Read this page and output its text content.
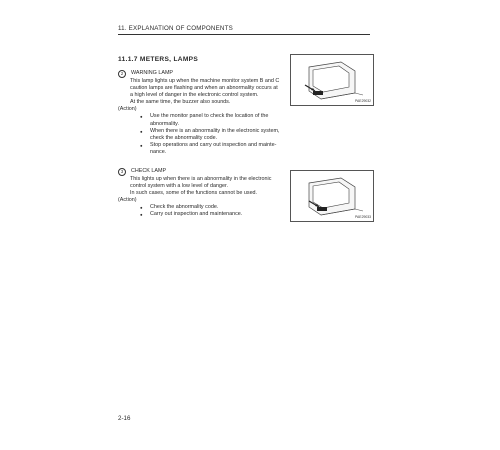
11. EXPLANATION OF COMPONENTS
11.1.7 METERS, LAMPS
2	WARNING LAMP
This lamp lights up when the machine monitor system B and C
caution lamps are flashing and when an abnormality occurs at
a high level of danger in the electronic control system.
At the same time, the buzzer also sounds.
(Action)
● Use the monitor panel to check the location of the
abnormality.
● When there is an abnormality in the electronic system,
check the abnormality code.
● Stop operations and carry out inspection and mainte-
nance.
PAE29032
3	CHECK LAMP
This lights up when there is an abnormality in the electronic
control system with a low level of danger.
In such cases, some of the functions cannot be used.
(Action)
● Check the abnormality code.
● Carry out inspection and maintenance.	PAE29033
2-16
